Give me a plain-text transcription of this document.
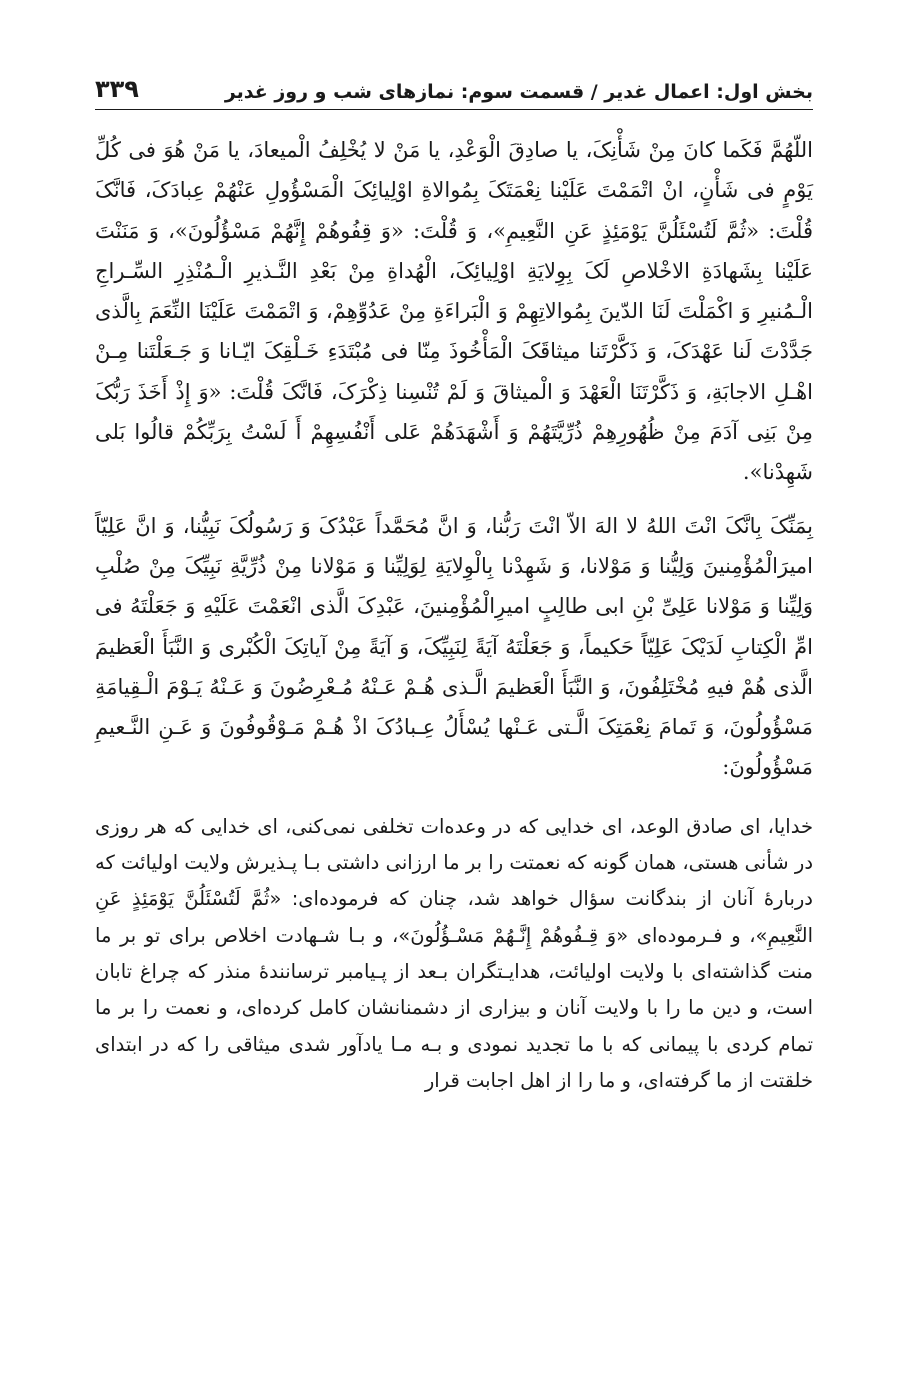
بخش اول: اعمال غدیر / قسمت سوم: نمازهای شب و روز غدیر
۳۳۹

اللّهُمَّ فَکَما کانَ مِنْ شَأْنِکَ، یا صادِقَ الْوَعْدِ، یا مَنْ لا یُخْلِفُ الْمیعادَ، یا مَنْ هُوَ فی کُلِّ یَوْمٍ فی شَأْنٍ، انْ اتْمَمْتَ عَلَیْنا نِعْمَتَکَ بِمُوالاةِ اوْلِیائِکَ الْمَسْؤُولِ عَنْهُمْ عِبادَکَ، فَانَّکَ قُلْتَ: «ثُمَّ لَتُسْئَلُنَّ یَوْمَئِذٍ عَنِ النَّعِیمِ»، وَ قُلْتَ: «وَ قِفُوهُمْ إِنَّهُمْ مَسْؤُلُونَ»، وَ مَنَنْتَ عَلَیْنا بِشَهادَةِ الاخْلاصِ لَکَ بِوِلایَةِ اوْلِیائِکَ، الْهُداةِ مِنْ بَعْدِ النَّـذیرِ الْـمُنْذِرِ السِّـراجِ الْـمُنیرِ وَ اکْمَلْتَ لَنَا الدّینَ بِمُوالاتِهِمْ وَ الْبَراءَةِ مِنْ عَدُوِّهِمْ، وَ اتْمَمْتَ عَلَیْنَا النِّعَمَ بِالَّذی جَدَّدْتَ لَنا عَهْدَکَ، وَ ذَکَّرْتَنا میثاقَکَ الْمَأْخُوذَ مِنّا فی مُبْتَدَءِ خَـلْقِکَ ایّـانا وَ جَـعَلْتَنا مِـنْ اهْـلِ الاجابَةِ، وَ ذَکَّرْتَنَا الْعَهْدَ وَ الْمیثاقَ وَ لَمْ تُنْسِنا ذِکْرَکَ، فَانَّکَ قُلْتَ: «وَ إِذْ أَخَذَ رَبُّکَ مِنْ بَنِی آدَمَ مِنْ ظُهُورِهِمْ ذُرِّیَّتَهُمْ وَ أَشْهَدَهُمْ عَلی أَنْفُسِهِمْ أَ لَسْتُ بِرَبِّکُمْ قالُوا بَلی شَهِدْنا».

بِمَنِّکَ بِانَّکَ انْتَ اللهُ لا الهَ الاّ انْتَ رَبُّنا، وَ انَّ مُحَمَّداً عَبْدُکَ وَ رَسُولُکَ نَبِیُّنا، وَ انَّ عَلِیّاً امیرَالْمُؤْمِنینَ وَلِیُّنا وَ مَوْلانا، وَ شَهِدْنا بِالْوِلایَةِ لِوَلِیِّنا وَ مَوْلانا مِنْ ذُرِّیَّةِ نَبِیِّکَ مِنْ صُلْبِ وَلِیِّنا وَ مَوْلانا عَلِیِّ بْنِ ابی طالِبٍ امیرِالْمُؤْمِنینَ، عَبْدِکَ الَّذی انْعَمْتَ عَلَیْهِ وَ جَعَلْتَهُ فی امِّ الْکِتابِ لَدَیْکَ عَلِیّاً حَکیماً، وَ جَعَلْتَهُ آیَةً لِنَبِیِّکَ، وَ آیَةً مِنْ آیاتِکَ الْکُبْری وَ النَّبَأَ الْعَظیمَ الَّذی هُمْ فیهِ مُخْتَلِفُونَ، وَ النَّبَأَ الْعَظیمَ الَّـذی هُـمْ عَـنْهُ مُـعْرِضُونَ وَ عَـنْهُ یَـوْمَ الْـقِیامَةِ مَسْؤُولُونَ، وَ تَمامَ نِعْمَتِکَ الَّـتی عَـنْها یُسْأَلُ عِـبادُکَ اذْ هُـمْ مَـوْقُوفُونَ وَ عَـنِ النَّـعیمِ مَسْؤُولُونَ:

خدایا، ای صادق الوعد، ای خدایی که در وعده‌ات تخلفی نمی‌کنی، ای خدایی که هر روزی در شأنی هستی، همان گونه که نعمتت را بر ما ارزانی داشتی بـا پـذیرش ولایت اولیائت که دربارهٔ آنان از بندگانت سؤال خواهد شد، چنان که فرموده‌ای: «ثُمَّ لَتُسْئَلُنَّ یَوْمَئِذٍ عَنِ النَّعِیمِ»، و فـرموده‌ای «وَ قِـفُوهُمْ إِنَّـهُمْ مَسْـؤُلُونَ»، و بـا شـهادت اخلاص برای تو بر ما منت گذاشته‌ای با ولایت اولیائت، هدایـتگران بـعد از پـیامبر ترسانندهٔ منذر که چراغ تابان است، و دین ما را با ولایت آنان و بیزاری از دشمنانشان کامل کرده‌ای، و نعمت را بر ما تمام کردی با پیمانی که با ما تجدید نمودی و بـه مـا یادآور شدی میثاقی را که در ابتدای خلقتت از ما گرفته‌ای، و ما را از اهل اجابت قرار
